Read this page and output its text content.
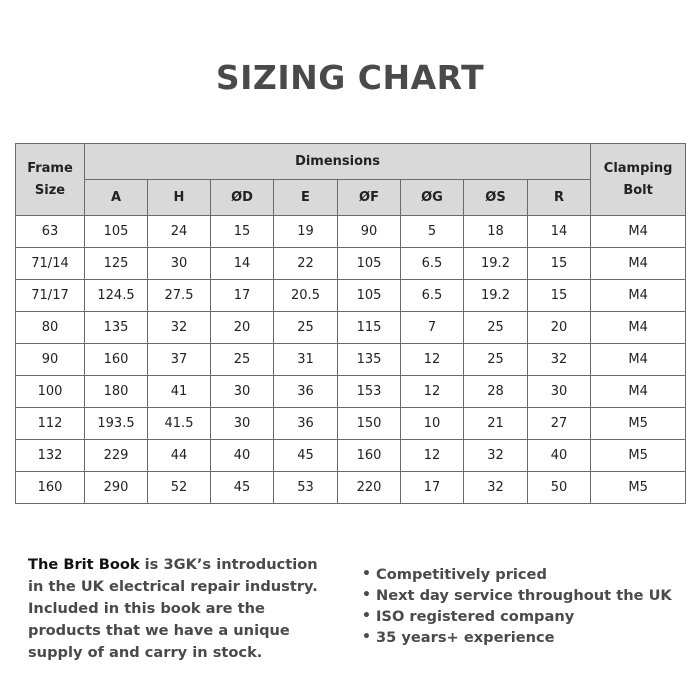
SIZING CHART
Frame
Size	Dimensions								Clamping
Bolt
	A	H	ØD	E	ØF	ØG	ØS	R	
63	105	24	15	19	90	5	18	14	M4
71/14	125	30	14	22	105	6.5	19.2	15	M4
71/17	124.5	27.5	17	20.5	105	6.5	19.2	15	M4
80	135	32	20	25	115	7	25	20	M4
90	160	37	25	31	135	12	25	32	M4
100	180	41	30	36	153	12	28	30	M4
112	193.5	41.5	30	36	150	10	21	27	M5
132	229	44	40	45	160	12	32	40	M5
160	290	52	45	53	220	17	32	50	M5
The Brit Book is 3GK’s introduction in the UK electrical repair industry. Included in this book are the products that we have a unique supply of and carry in stock.
• Competitively priced
• Next day service throughout the UK
• ISO registered company
• 35 years+ experience
